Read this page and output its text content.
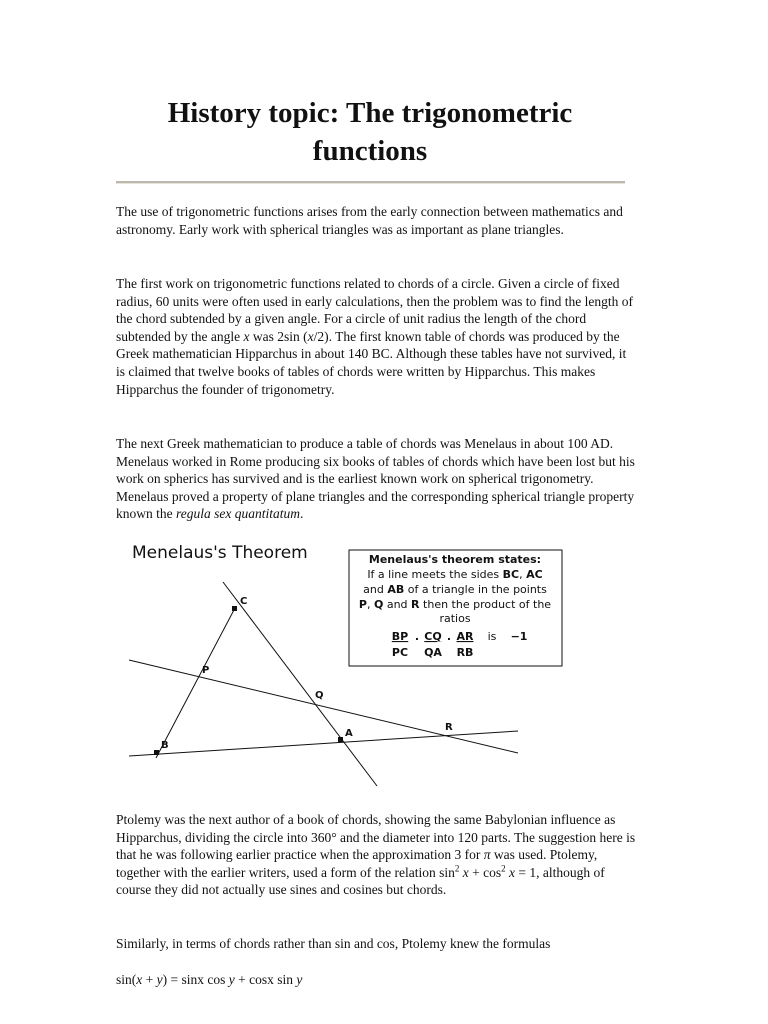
History topic: The trigonometric functions

The use of trigonometric functions arises from the early connection between mathematics and astronomy. Early work with spherical triangles was as important as plane triangles.

The first work on trigonometric functions related to chords of a circle. Given a circle of fixed radius, 60 units were often used in early calculations, then the problem was to find the length of the chord subtended by a given angle. For a circle of unit radius the length of the chord subtended by the angle x was 2sin (x/2). The first known table of chords was produced by the Greek mathematician Hipparchus in about 140 BC. Although these tables have not survived, it is claimed that twelve books of tables of chords were written by Hipparchus. This makes Hipparchus the founder of trigonometry.

The next Greek mathematician to produce a table of chords was Menelaus in about 100 AD. Menelaus worked in Rome producing six books of tables of chords which have been lost but his work on spherics has survived and is the earliest known work on spherical trigonometry. Menelaus proved a property of plane triangles and the corresponding spherical triangle property known the regula sex quantitatum.

Menelaus's Theorem	Menelaus's theorem states:
If a line meets the sides BC, AC
and AB of a triangle in the points
P, Q and R then the product of the
ratios
BP . CQ . AR is −1
PC QA RB
C
P
Q
B
A
R

Ptolemy was the next author of a book of chords, showing the same Babylonian influence as Hipparchus, dividing the circle into 360° and the diameter into 120 parts. The suggestion here is that he was following earlier practice when the approximation 3 for π was used. Ptolemy, together with the earlier writers, used a form of the relation $\sin^2 x + \cos^2 x = 1$, although of course they did not actually use sines and cosines but chords.

Similarly, in terms of chords rather than sin and cos, Ptolemy knew the formulas

sin(x + y) = sinx cos y + cosx sin y
